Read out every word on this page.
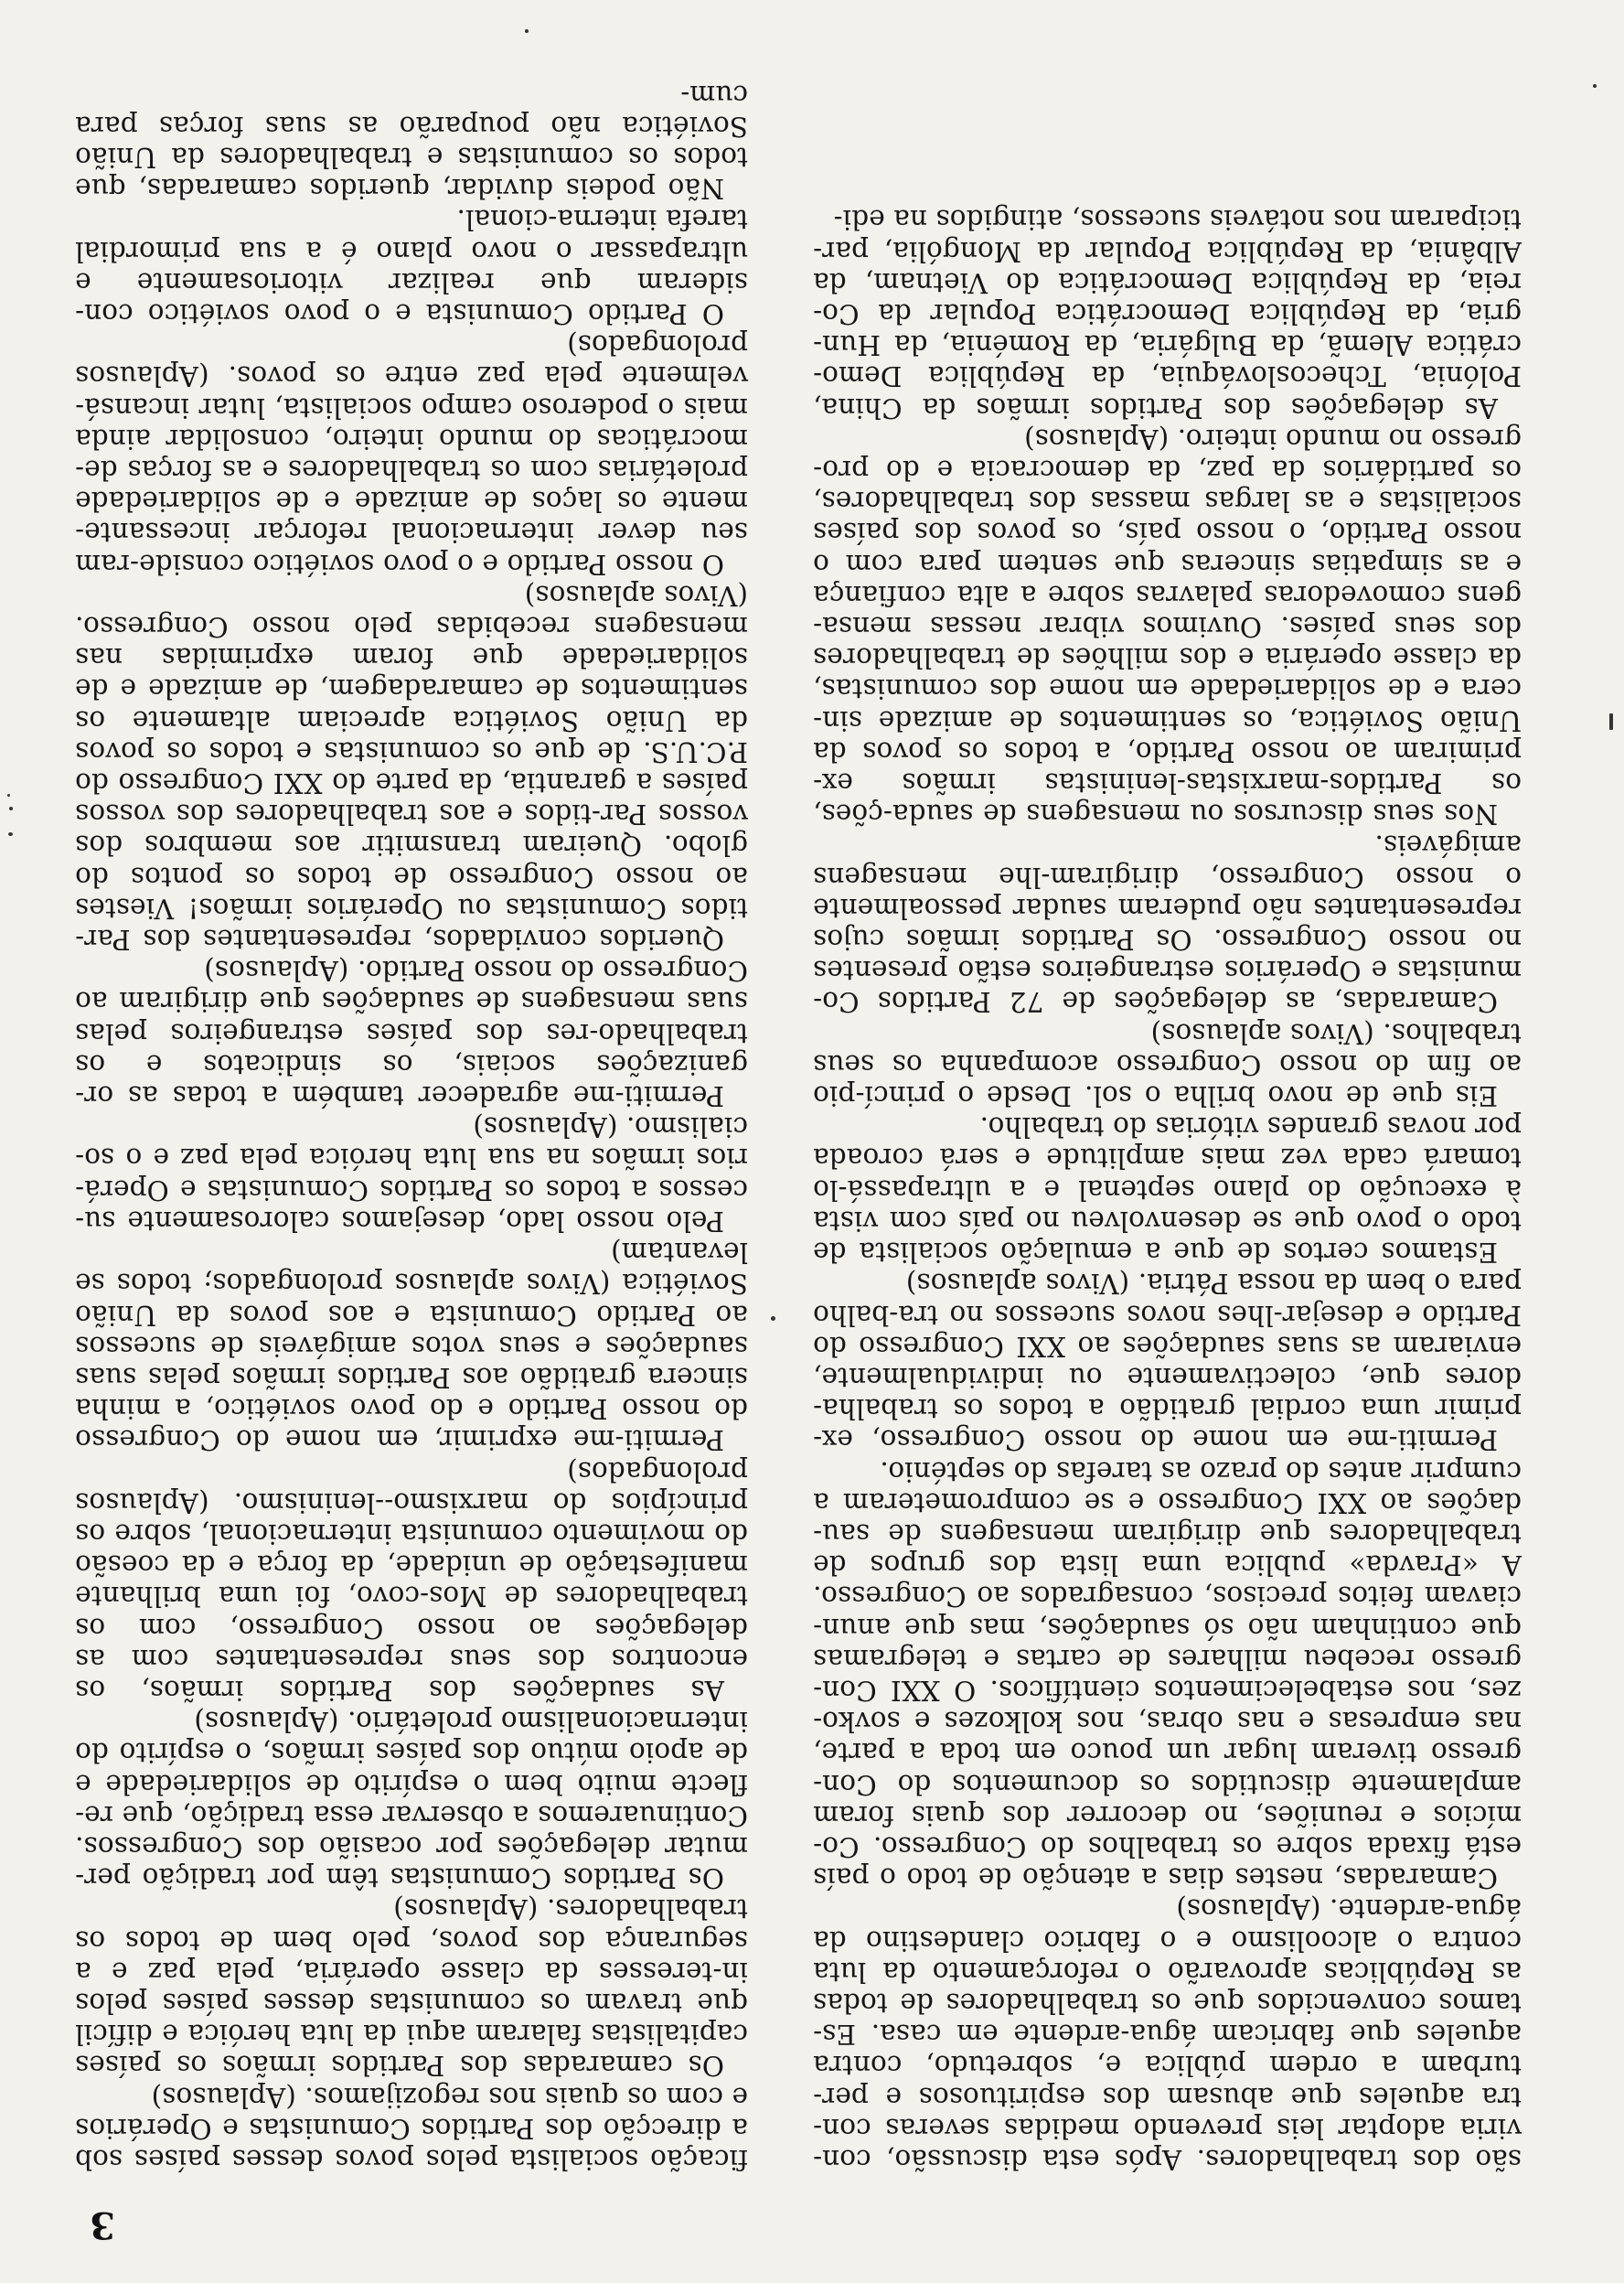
3

são dos trabalhadores. Após esta discussão, con-viria adoptar leis prevendo medidas severas con-tra aqueles que abusam dos espirituosos e per-turbam a ordem pública e, sobretudo, contra aqueles que fabricam água-ardente em casa. Es-tamos convencidos que os trabalhadores de todas as Repúblicas aprovarão o reforçamento da luta contra o alcoolismo e o fabrico clandestino da água-ardente. (Aplausos)

Camaradas, nestes dias a atenção de todo o país está fixada sobre os trabalhos do Congresso. Co-mícios e reuniões, no decorrer dos quais foram amplamente discutidos os documentos do Con-gresso tiveram lugar um pouco em toda a parte, nas empresas e nas obras, nos kolkozes e sovko-zes, nos estabelecimentos científicos. O XXI Con-gresso recebeu milhares de cartas e telegramas que continham não só saudações, mas que anun-ciavam feitos precisos, consagrados ao Congresso. A «Pravda» publica uma lista dos grupos de trabalhadores que dirigiram mensagens de sau-dações ao XXI Congresso e se comprometeram a cumprir antes do prazo as tarefas do septénio.

Permiti-me em nome do nosso Congresso, ex-primir uma cordial gratidão a todos os trabalha-dores que, colectivamente ou individualmente, enviaram as suas saudações ao XXI Congresso do Partido e desejar-lhes novos sucessos no tra-balho para o bem da nossa Pátria. (Vivos aplausos)

Estamos certos de que a emulação socialista de todo o povo que se desenvolveu no país com vista à execução do plano septenal e a ultrapassá-lo tomará cada vez mais amplitude e será coroada por novas grandes vitórias do trabalho.

Eis que de novo brilha o sol. Desde o princí-pio ao fim do nosso Congresso acompanha os seus trabalhos. (Vivos aplausos)

Camaradas, as delegações de 72 Partidos Co-munistas e Operários estrangeiros estão presentes no nosso Congresso. Os Partidos irmãos cujos representantes não puderam saudar pessoalmente o nosso Congresso, dirigiram-lhe mensagens amigáveis.

Nos seus discursos ou mensagens de sauda-ções, os Partidos-marxistas-leninistas irmãos ex-primiram ao nosso Partido, a todos os povos da União Soviética, os sentimentos de amizade sin-cera e de solidariedade em nome dos comunistas, da classe operária e dos milhões de trabalhadores dos seus países. Ouvimos vibrar nessas mensa-gens comovedoras palavras sobre a alta confiança e as simpatias sinceras que sentem para com o nosso Partido, o nosso país, os povos dos países socialistas e as largas massas dos trabalhadores, os partidários da paz, da democracia e do pro-gresso no mundo inteiro. (Aplausos)

As delegações dos Partidos irmãos da China, Polónia, Tchecoslováquia, da República Demo-crática Alemã, da Bulgária, da Roménia, da Hun-gria, da República Democrática Popular da Co-reia, da República Democrática do Vietnam, da Albânia, da República Popular da Mongólia, par-ticiparam nos notáveis sucessos, atingidos na edi-

ficação socialista pelos povos desses países sob a direcção dos Partidos Comunistas e Operários e com os quais nos regozijamos. (Aplausos)

Os camaradas dos Partidos irmãos os países capitalistas falaram aqui da luta heróica e difícil que travam os comunistas desses países pelos in-teresses da classe operária, pela paz e a segurança dos povos, pelo bem de todos os trabalhadores. (Aplausos)

Os Partidos Comunistas têm por tradição per-mutar delegações por ocasião dos Congressos. Continuaremos a observar essa tradição, que re-flecte muito bem o espírito de solidariedade e de apoio mútuo dos países irmãos, o espírito do internacionalismo proletário. (Aplausos)

As saudações dos Partidos irmãos, os encontros dos seus representantes com as delegações ao nosso Congresso, com os trabalhadores de Mos-covo, foi uma brilhante manifestação de unidade, da força e da coesão do movimento comunista internacional, sobre os princípios do marxismo--leninismo. (Aplausos prolongados)

Permiti-me exprimir, em nome do Congresso do nosso Partido e do povo soviético, a minha sincera gratidão aos Partidos irmãos pelas suas saudações e seus votos amigáveis de sucessos ao Partido Comunista e aos povos da União Soviética (Vivos aplausos prolongados; todos se levantam)

Pelo nosso lado, desejamos calorosamente su-cessos a todos os Partidos Comunistas e Operá-rios irmãos na sua luta heróica pela paz e o so-cialismo. (Aplausos)

Permiti-me agradecer também a todas as or-ganizações sociais, os sindicatos e os trabalhado-res dos países estrangeiros pelas suas mensagens de saudações que dirigiram ao Congresso do nosso Partido. (Aplausos)

Queridos convidados, representantes dos Par-tidos Comunistas ou Operários irmãos! Viestes ao nosso Congresso de todos os pontos do globo. Queiram transmitir aos membros dos vossos Par-tidos e aos trabalhadores dos vossos países a garantia, da parte do XXI Congresso do P.C.U.S. de que os comunistas e todos os povos da União Soviética apreciam altamente os sentimentos de camaradagem, de amizade e de solidariedade que foram exprimidas nas mensagens recebidas pelo nosso Congresso. (Vivos aplausos)

O nosso Partido e o povo soviético conside-ram seu dever internacional reforçar incessante-mente os laços de amizade e de solidariedade proletárias com os trabalhadores e as forças de-mocráticas do mundo inteiro, consolidar ainda mais o poderoso campo socialista, lutar incansá-velmente pela paz entre os povos. (Aplausos prolongados)

O Partido Comunista e o povo soviético con-sideram que realizar vitoriosamente e ultrapassar o novo plano é a sua primordial tarefa interna-cional.

Não podeis duvidar, queridos camaradas, que todos os comunistas e trabalhadores da União Soviética não pouparão as suas forças para cum-
